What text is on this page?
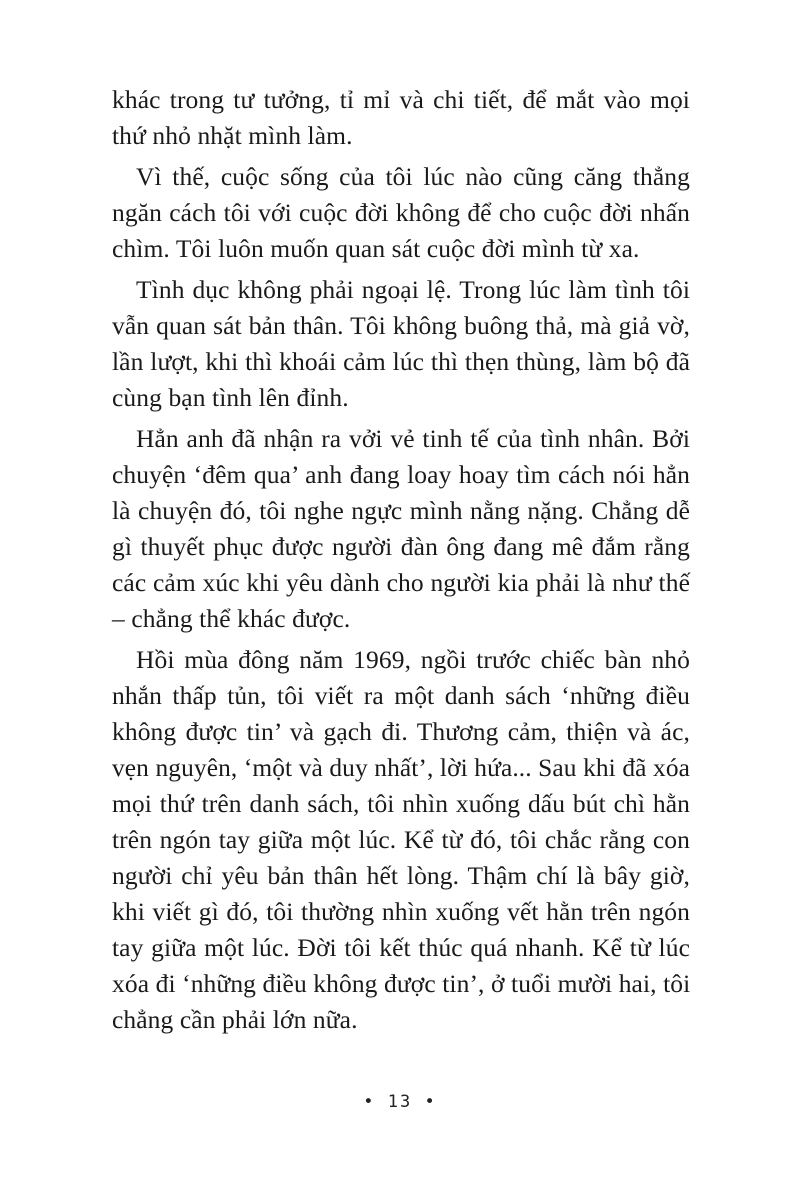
khác trong tư tưởng, tỉ mỉ và chi tiết, để mắt vào mọi
thứ nhỏ nhặt mình làm.
Vì thế, cuộc sống của tôi lúc nào cũng căng thẳng
ngăn cách tôi với cuộc đời không để cho cuộc đời nhấn
chìm. Tôi luôn muốn quan sát cuộc đời mình từ xa.
Tình dục không phải ngoại lệ. Trong lúc làm tình tôi
vẫn quan sát bản thân. Tôi không buông thả, mà giả vờ,
lần lượt, khi thì khoái cảm lúc thì thẹn thùng, làm bộ đã
cùng bạn tình lên đỉnh.
Hẳn anh đã nhận ra vởi vẻ tinh tế của tình nhân. Bởi
chuyện ‘đêm qua’ anh đang loay hoay tìm cách nói hẳn
là chuyện đó, tôi nghe ngực mình nằng nặng. Chẳng dễ
gì thuyết phục được người đàn ông đang mê đắm rằng
các cảm xúc khi yêu dành cho người kia phải là như thế
– chẳng thể khác được.
Hồi mùa đông năm 1969, ngồi trước chiếc bàn nhỏ
nhắn thấp tủn, tôi viết ra một danh sách ‘những điều
không được tin’ và gạch đi. Thương cảm, thiện và ác,
vẹn nguyên, ‘một và duy nhất’, lời hứa... Sau khi đã xóa
mọi thứ trên danh sách, tôi nhìn xuống dấu bút chì hằn
trên ngón tay giữa một lúc. Kể từ đó, tôi chắc rằng con
người chỉ yêu bản thân hết lòng. Thậm chí là bây giờ,
khi viết gì đó, tôi thường nhìn xuống vết hằn trên ngón
tay giữa một lúc. Đời tôi kết thúc quá nhanh. Kể từ lúc
xóa đi ‘những điều không được tin’, ở tuổi mười hai, tôi
chẳng cần phải lớn nữa.
• 13 •
